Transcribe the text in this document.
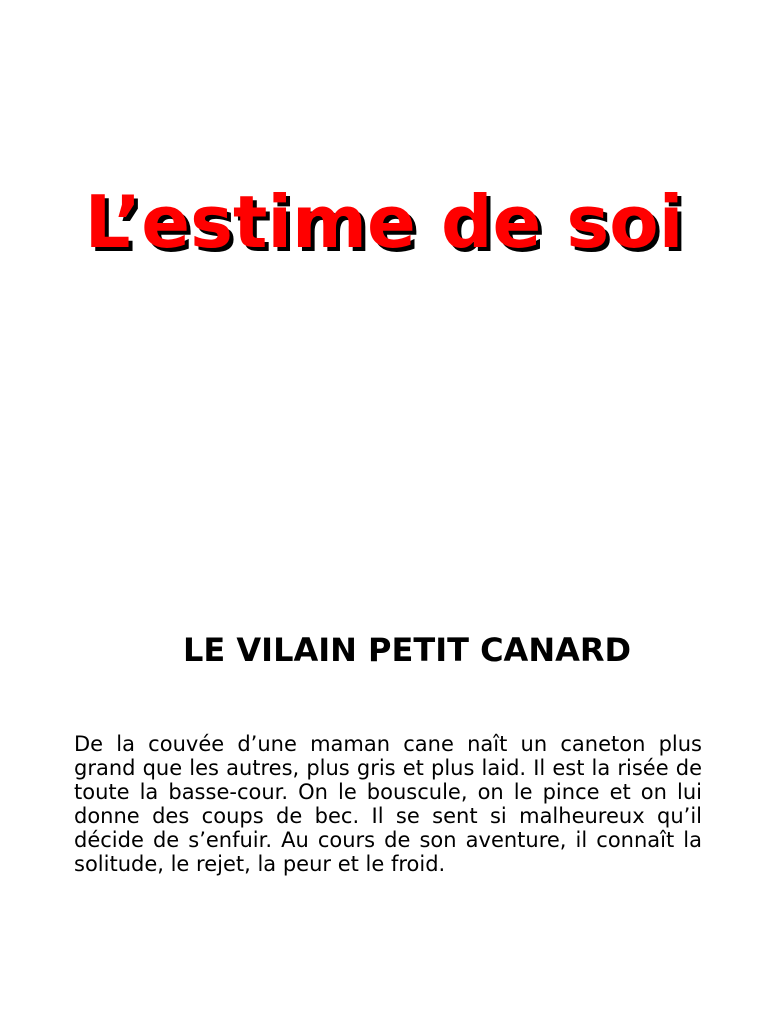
L’estime de soi
LE VILAIN PETIT CANARD

De la couvée d’une maman cane naît un caneton plus grand que les autres, plus gris et plus laid. Il est la risée de toute la basse-cour. On le bouscule, on le pince et on lui donne des coups de bec. Il se sent si malheureux qu’il décide de s’enfuir. Au cours de son aventure, il connaît la solitude, le rejet, la peur et le froid.
